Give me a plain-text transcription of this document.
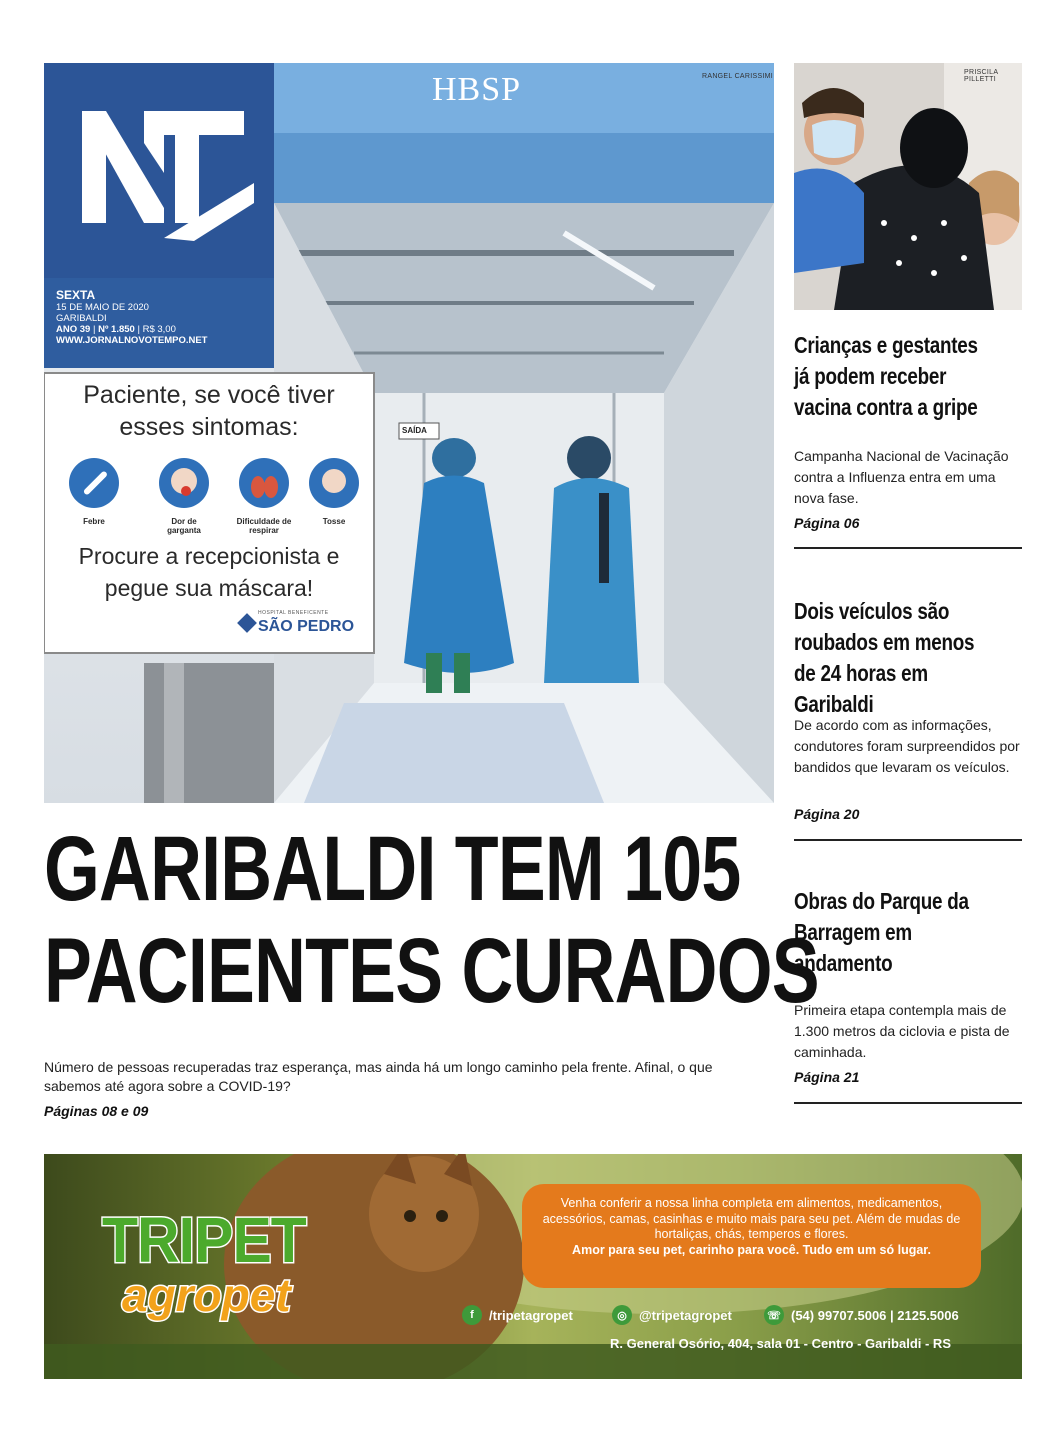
RANGEL CARISSIMI
HBSP
SAÍDA
Paciente, se você tiver
esses sintomas:
Febre	Dor de garganta
Dificuldade de respirar
Tosse
Procure a recepcionista e
pegue sua máscara!
HOSPITAL BENEFICENTE
SÃO PEDRO
SEXTA
15 DE MAIO DE 2020
GARIBALDI
ANO 39 | Nº 1.850 | R$ 3,00
WWW.JORNALNOVOTEMPO.NET
GARIBALDI TEM 105
PACIENTES CURADOS
Número de pessoas recuperadas traz esperança, mas ainda há um longo caminho pela frente. Afinal, o que sabemos até agora sobre a COVID-19?
Páginas 08 e 09
PRISCILA PILLETTI
Crianças e gestantes já podem receber vacina contra a gripe
Campanha Nacional de Vacinação contra a Influenza entra em uma nova fase.
Página 06
Dois veículos são roubados em menos de 24 horas em Garibaldi
De acordo com as informações, condutores foram surpreendidos por bandidos que levaram os veículos.
Página 20
Obras do Parque da Barragem em andamento
Primeira etapa contempla mais de 1.300 metros da ciclovia e pista de caminhada.
Página 21
TRIPET
agropet
Venha conferir a nossa linha completa em alimentos, medicamentos, acessórios, camas, casinhas e muito mais para seu pet. Além de mudas de hortaliças, chás, temperos e flores.
Amor para seu pet, carinho para você. Tudo em um só lugar.
f	/tripetagropet	◎ @tripetagropet	☏ (54) 99707.5006 | 2125.5006
R. General Osório, 404, sala 01 - Centro - Garibaldi - RS
